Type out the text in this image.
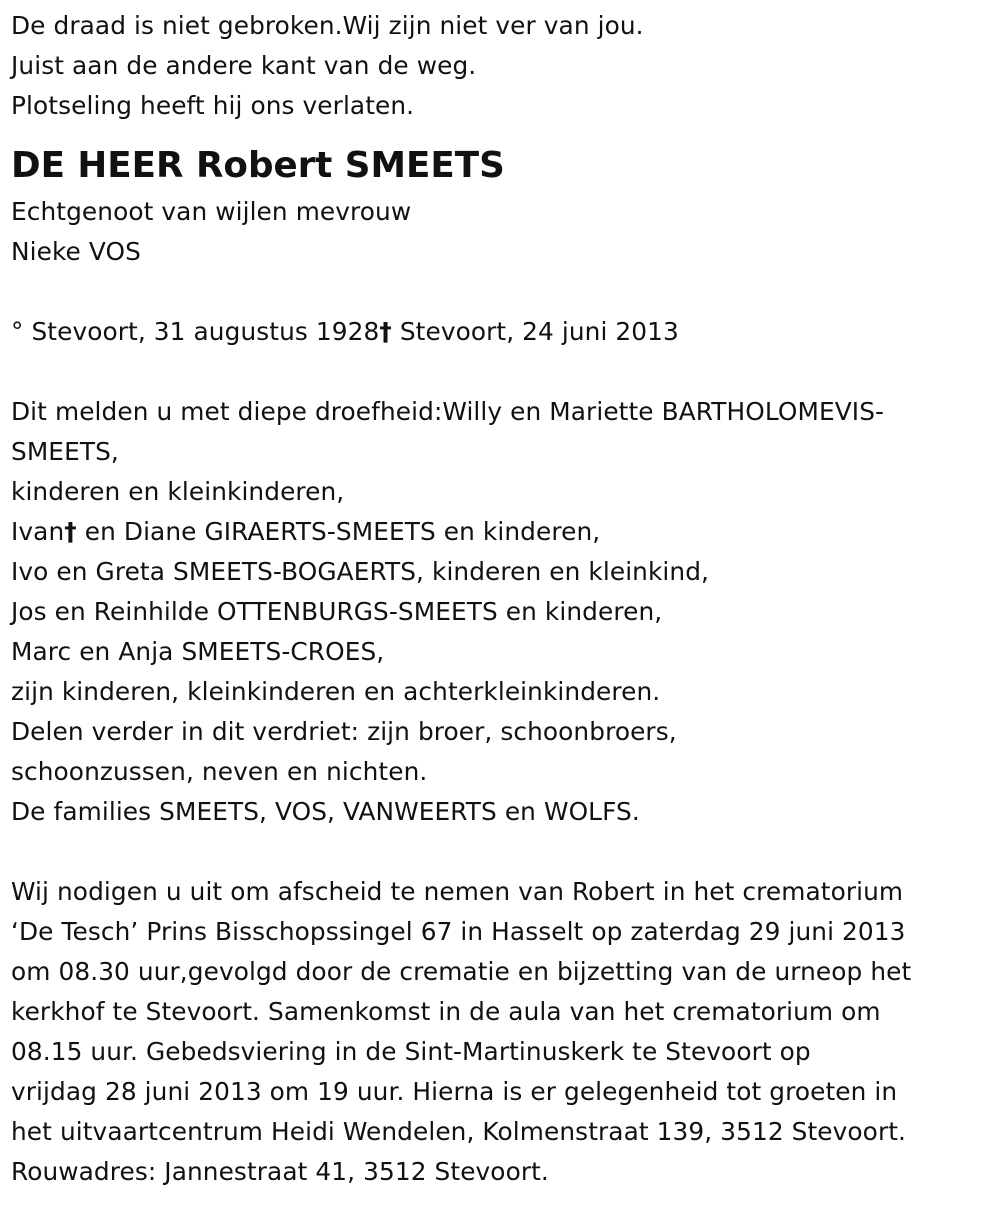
De draad is niet gebroken.Wij zijn niet ver van jou.
Juist aan de andere kant van de weg.
Plotseling heeft hij ons verlaten.
DE HEER Robert SMEETS
Echtgenoot van wijlen mevrouw
Nieke VOS
° Stevoort, 31 augustus 1928† Stevoort, 24 juni 2013
Dit melden u met diepe droefheid:Willy en Mariette BARTHOLOMEVIS-
SMEETS,
kinderen en kleinkinderen,
Ivan† en Diane GIRAERTS-SMEETS en kinderen,
Ivo en Greta SMEETS-BOGAERTS, kinderen en kleinkind,
Jos en Reinhilde OTTENBURGS-SMEETS en kinderen,
Marc en Anja SMEETS-CROES,
zijn kinderen, kleinkinderen en achterkleinkinderen.
Delen verder in dit verdriet: zijn broer, schoonbroers,
schoonzussen, neven en nichten.
De families SMEETS, VOS, VANWEERTS en WOLFS.
Wij nodigen u uit om afscheid te nemen van Robert in het crematorium
‘De Tesch’ Prins Bisschopssingel 67 in Hasselt op zaterdag 29 juni 2013
om 08.30 uur,gevolgd door de crematie en bijzetting van de urneop het
kerkhof te Stevoort. Samenkomst in de aula van het crematorium om
08.15 uur. Gebedsviering in de Sint-Martinuskerk te Stevoort op
vrijdag 28 juni 2013 om 19 uur. Hierna is er gelegenheid tot groeten in
het uitvaartcentrum Heidi Wendelen, Kolmenstraat 139, 3512 Stevoort.
Rouwadres: Jannestraat 41, 3512 Stevoort.
